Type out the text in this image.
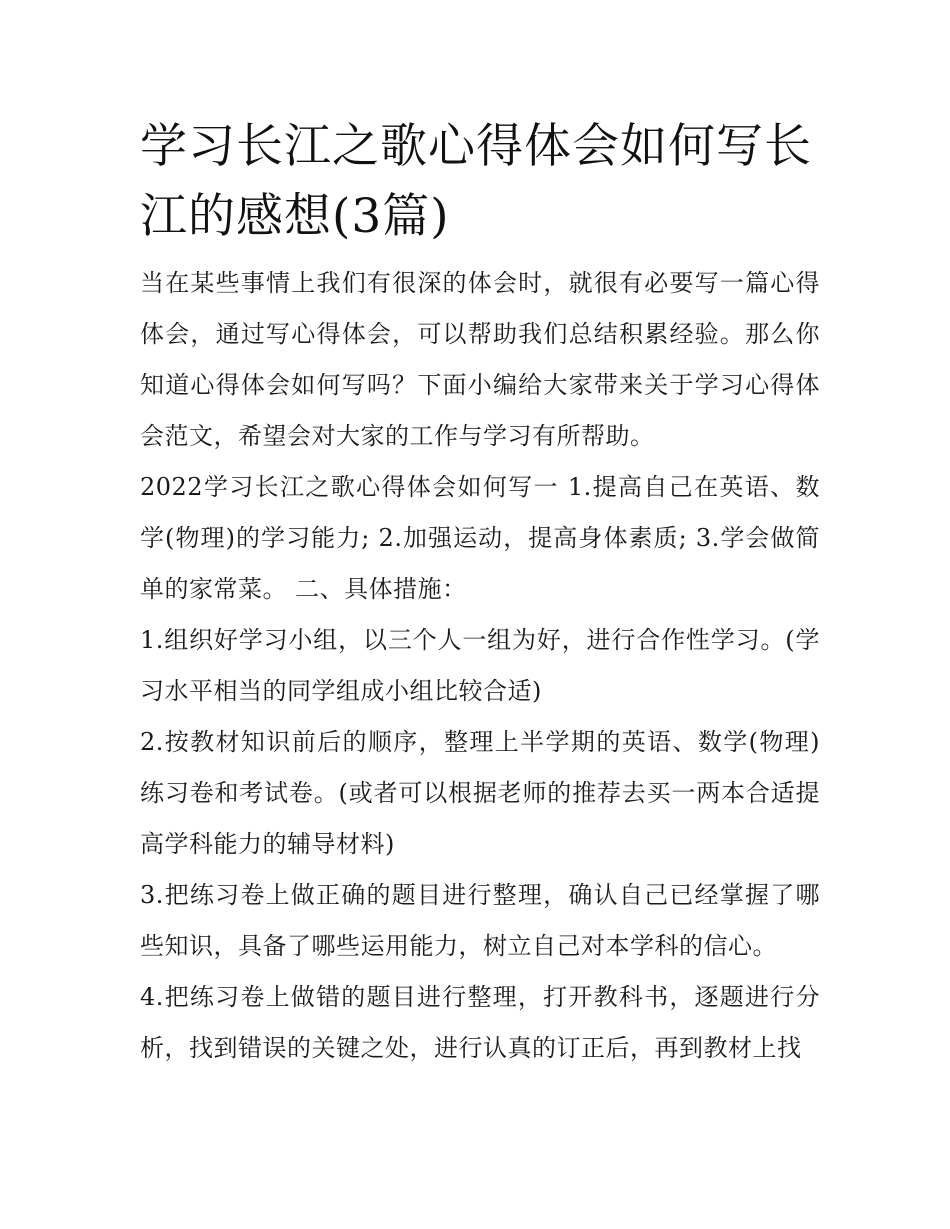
学习长江之歌心得体会如何写长江的感想(3篇)

当在某些事情上我们有很深的体会时，就很有必要写一篇心得体会，通过写心得体会，可以帮助我们总结积累经验。那么你知道心得体会如何写吗？下面小编给大家带来关于学习心得体会范文，希望会对大家的工作与学习有所帮助。

2022学习长江之歌心得体会如何写一 1.提高自己在英语、数学(物理)的学习能力; 2.加强运动，提高身体素质; 3.学会做简单的家常菜。 二、具体措施：

1.组织好学习小组，以三个人一组为好，进行合作性学习。(学习水平相当的同学组成小组比较合适)

2.按教材知识前后的顺序，整理上半学期的英语、数学(物理)练习卷和考试卷。(或者可以根据老师的推荐去买一两本合适提高学科能力的辅导材料)

3.把练习卷上做正确的题目进行整理，确认自己已经掌握了哪些知识，具备了哪些运用能力，树立自己对本学科的信心。

4.把练习卷上做错的题目进行整理，打开教科书，逐题进行分析，找到错误的关键之处，进行认真的订正后，再到教材上找
